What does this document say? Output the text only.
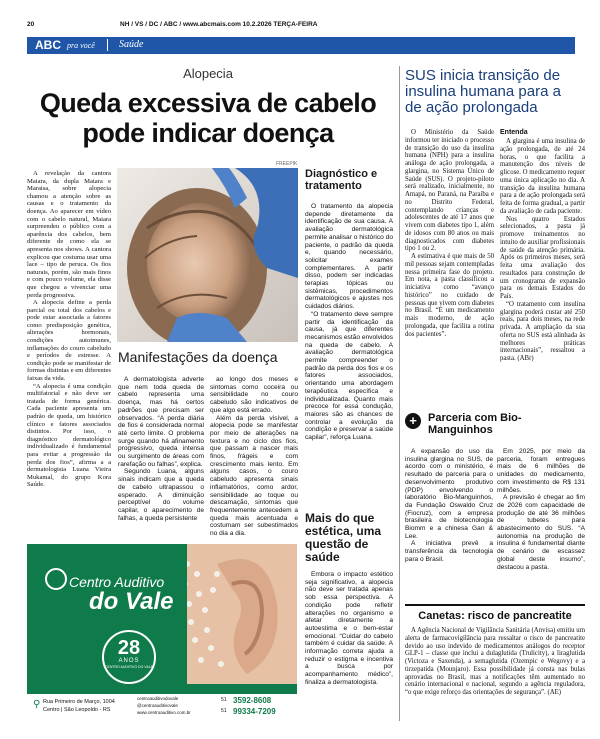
20	NH / VS / DC / ABC / www.abcmais.com 10.2.2026 TERÇA-FEIRA
ABC pra você Saúde
Alopecia
Queda excessiva de cabelo
pode indicar doença
FREEPIK

A revelação da cantora Maiara, da dupla Maiara e Maraisa, sobre alopecia chamou a atenção sobre as causas e o tratamento da doença. Ao aparecer em vídeo com o cabelo natural, Maiara surpreendeu o público com a aparência dos cabelos, bem diferente de como ela se apresenta nos shows. A cantora explicou que costuma usar uma lace – tipo de peruca. Os fios naturais, porém, são mais finos e com pouco volume, ela disse que chegou a vivenciar uma perda progressiva.

A alopecia define a perda parcial ou total dos cabelos e pode estar associada a fatores como predisposição genética, alterações hormonais, condições autoimunes, inflamações do couro cabeludo e períodos de estresse. A condição pode se manifestar de formas distintas e em diferentes faixas da vida.

“A alopecia é uma condição multifatorial e não deve ser tratada de forma genérica. Cada paciente apresenta um padrão de queda, um histórico clínico e fatores associados distintos. Por isso, o diagnóstico dermatológico individualizado é fundamental para evitar a progressão da perda dos fios”, afirma a a dermatologista Luana Vieira Mukamal, do grupo Kora Saúde.

Manifestações da doença

A dermatologista adverte que nem toda queda de cabelo representa uma doença, mas há certos padrões que precisam ser observados. “A perda diária de fios é considerada normal até certo limite. O problema surge quando há afinamento progressivo, queda intensa ou surgimento de áreas com rarefação ou falhas”, explica.

Segundo Luana, alguns sinais indicam que a queda de cabelo ultrapassou o esperado. A diminuição perceptível do volume capilar, o aparecimento de falhas, a queda persistente

ao longo dos meses e sintomas como coceira ou sensibilidade no couro cabeludo são indicativos de que algo está errado.

Além da perda visível, a alopecia pode se manifestar por meio de alterações na textura e no ciclo dos fios, que passam a nascer mais finos, frágeis e com crescimento mais lento. Em alguns casos, o couro cabeludo apresenta sinais inflamatórios, como ardor, sensibilidade ao toque ou descamação, sintomas que frequentemente antecedem a queda mais acentuada e costumam ser subestimados no dia a dia.

Diagnóstico e tratamento

O tratamento da alopecia depende diretamente da identificação de sua causa. A avaliação dermatológica permite analisar o histórico do paciente, o padrão da queda e, quando necessário, solicitar exames complementares. A partir disso, podem ser indicadas terapias tópicas ou sistêmicas, procedimentos dermatológicos e ajustes nos cuidados diários.

“O tratamento deve sempre partir da identificação da causa, já que diferentes mecanismos estão envolvidos na queda de cabelo. A avaliação dermatológica permite compreender o padrão da perda dos fios e os fatores associados, orientando uma abordagem terapêutica específica e individualizada. Quanto mais precoce for essa condução, maiores são as chances de controlar a evolução da condição e preservar a saúde capilar”, reforça Luana.

Mais do que estética, uma questão de saúde

Embora o impacto estético seja significativo, a alopecia não deve ser tratada apenas sob essa perspectiva. A condição pode refletir alterações no organismo e afetar diretamente a autoestima e o bem-estar emocional. “Cuidar do cabelo também é cuidar da saúde. A informação correta ajuda a reduzir o estigma e incentiva a busca por acompanhamento médico”, finaliza a dermatologista.

Centro Auditivo
do Vale
28
ANOS
CENTRO AUDITIVO DO VALE
⚲ Rua Primeiro de Março, 1004
Centro | São Leopoldo - RS
centroauditivodovale
@centroauditivovale
www.centroauditivo.com.br
51 3592-8608
51 99334-7209
SUS inicia transição de insulina humana para a de ação prolongada

O Ministério da Saúde informou ter iniciado o processo de transição do uso da insulina humana (NPH) para a insulina análoga de ação prolongada, a glargina, no Sistema Único de Saúde (SUS). O projeto-piloto será realizado, inicialmente, no Amapá, no Paraná, na Paraíba e no Distrito Federal, contemplando crianças e adolescentes de até 17 anos que vivem com diabetes tipo 1, além de idosos com 80 anos ou mais diagnosticados com diabetes tipo 1 ou 2.

A estimativa é que mais de 50 mil pessoas sejam contempladas nessa primeira fase do projeto. Em nota, a pasta classificou a iniciativa como “avanço histórico” no cuidado de pessoas que vivem com diabetes no Brasil. “É um medicamento mais moderno, de ação prolongada, que facilita a rotina dos pacientes”.

Entenda

A glargina é uma insulina de ação prolongada, de até 24 horas, o que facilita a manutenção dos níveis de glicose. O medicamento requer uma única aplicação no dia. A transição da insulina humana para a de ação prolongada será feita de forma gradual, a partir da avaliação de cada paciente.

Nos quatro Estados selecionados, a pasta já promove treinamentos no intuito de auxiliar profissionais de saúde da atenção primária. Após os primeiros meses, será feita uma avaliação dos resultados para construção de um cronograma de expansão para os demais Estados do País.

“O tratamento com insulina glargina poderá custar até 250 reais, para dois meses, na rede privada. A ampliação da sua oferta no SUS está alinhada às melhores práticas internacionais”, ressaltou a pasta. (ABr)

+	Parceria com Bio-Manguinhos

A expansão do uso da insulina glargina no SUS, de acordo com o ministério, é resultado de parceria para o desenvolvimento produtivo (PDP) envolvendo o laboratório Bio-Manguinhos, da Fundação Oswaldo Cruz (Fiocruz), com a empresa brasileira de biotecnologia Biomm e a chinesa Gan & Lee.

A iniciativa prevê a transferência da tecnologia para o Brasil.

Em 2025, por meio da parceria, foram entregues mais de 6 milhões de unidades do medicamento, com investimento de R$ 131 milhões.

A previsão é chegar ao fim de 2026 com capacidade de produção de até 36 milhões de tubetes para abastecimento do SUS. “A autonomia na produção de insulina é fundamental diante de cenário de escassez global deste insumo”, destacou a pasta.

Canetas: risco de pancreatite

A Agência Nacional de Vigilância Sanitária (Anvisa) emitiu um alerta de farmacovigilância para ressaltar o risco de pancreatite devido ao uso indevido de medicamentos análogos do receptor GLP-1 – classe que inclui a dulaglutida (Trulicity), a liraglutida (Victoza e Saxenda), a semaglutida (Ozempic e Wegovy) e a tirzepatida (Mounjaro). Essa possibilidade já consta nas bulas aprovadas no Brasil, mas a notificações têm aumentado no cenário internacional e nacional, segundo a agência reguladora, “o que exige reforço das orientações de segurança”. (AE)
